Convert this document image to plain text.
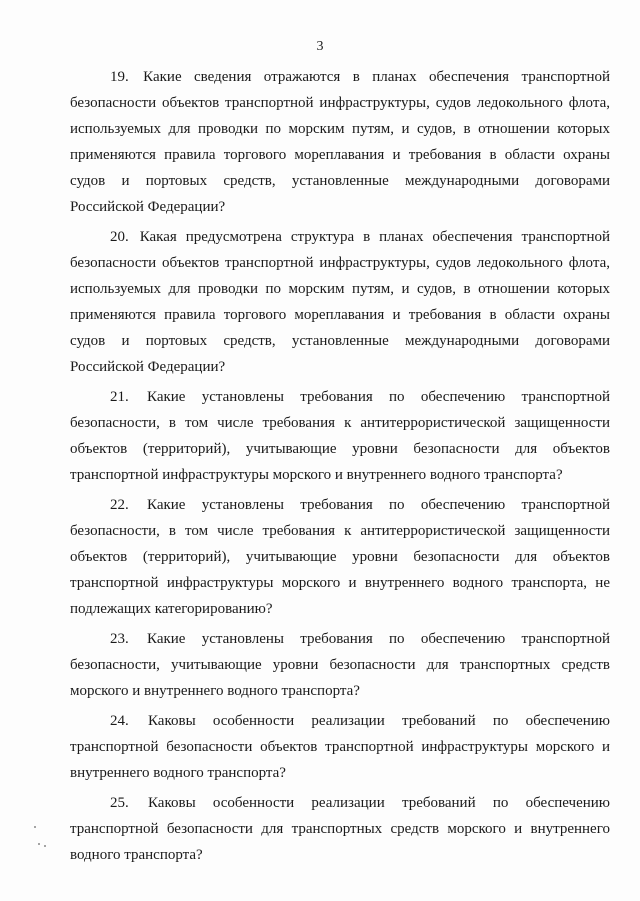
3

19. Какие сведения отражаются в планах обеспечения транспортной безопасности объектов транспортной инфраструктуры, судов ледокольного флота, используемых для проводки по морским путям, и судов, в отношении которых применяются правила торгового мореплавания и требования в области охраны судов и портовых средств, установленные международными договорами Российской Федерации?

20. Какая предусмотрена структура в планах обеспечения транспортной безопасности объектов транспортной инфраструктуры, судов ледокольного флота, используемых для проводки по морским путям, и судов, в отношении которых применяются правила торгового мореплавания и требования в области охраны судов и портовых средств, установленные международными договорами Российской Федерации?

21. Какие установлены требования по обеспечению транспортной безопасности, в том числе требования к антитеррористической защищенности объектов (территорий), учитывающие уровни безопасности для объектов транспортной инфраструктуры морского и внутреннего водного транспорта?

22. Какие установлены требования по обеспечению транспортной безопасности, в том числе требования к антитеррористической защищенности объектов (территорий), учитывающие уровни безопасности для объектов транспортной инфраструктуры морского и внутреннего водного транспорта, не подлежащих категорированию?

23. Какие установлены требования по обеспечению транспортной безопасности, учитывающие уровни безопасности для транспортных средств морского и внутреннего водного транспорта?

24. Каковы особенности реализации требований по обеспечению транспортной безопасности объектов транспортной инфраструктуры морского и внутреннего водного транспорта?

25. Каковы особенности реализации требований по обеспечению транспортной безопасности для транспортных средств морского и внутреннего водного транспорта?
